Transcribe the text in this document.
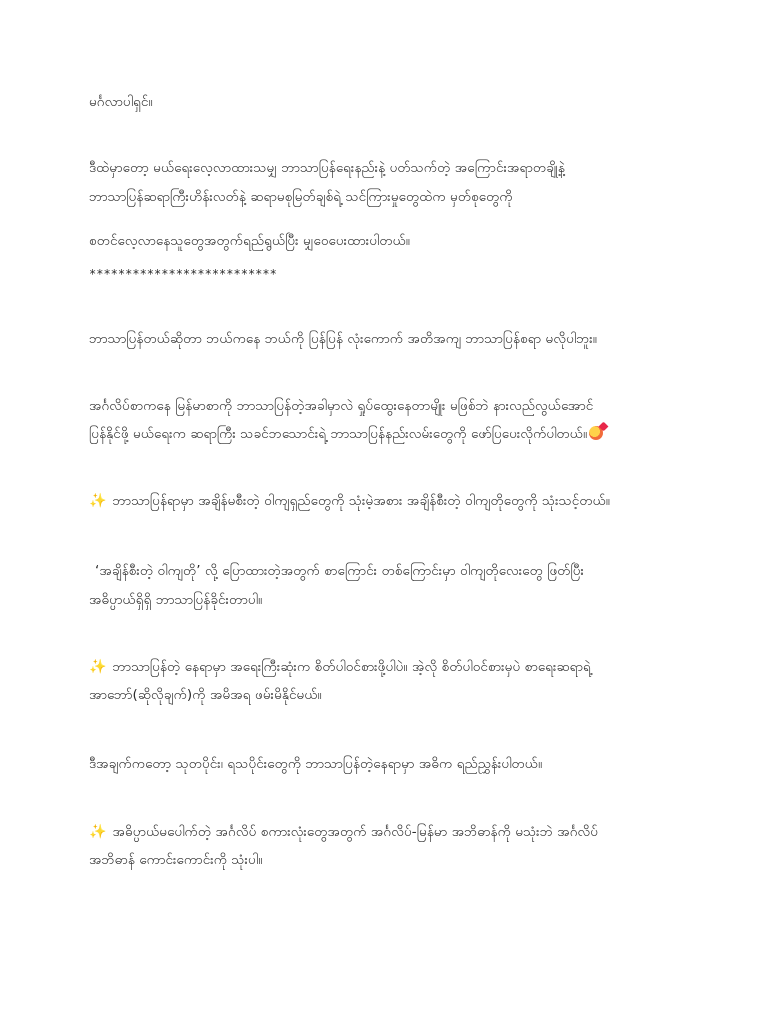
မင်္ဂလာပါရှင်။
ဒီထဲမှာတော့ မယ်ရေးလေ့လာထားသမျှ ဘာသာပြန်ရေးနည်းနဲ့ ပတ်သက်တဲ့ အကြောင်းအရာတချို့နဲ့
ဘာသာပြန်ဆရာကြီးဟိန်းလတ်နဲ့ ဆရာမစုမြတ်ချစ်ရဲ့ သင်ကြားမှုတွေထဲက မှတ်စုတွေကို
စတင်လေ့လာနေသူတွေအတွက်ရည်ရွယ်ပြီး မျှဝေပေးထားပါတယ်။
**************************
ဘာသာပြန်တယ်ဆိုတာ ဘယ်ကနေ ဘယ်ကို ပြန်ပြန် လုံးကောက် အတိအကျ ဘာသာပြန်စရာ မလိုပါဘူး။
အင်္ဂလိပ်စာကနေ မြန်မာစာကို ဘာသာပြန်တဲ့အခါမှာလဲ ရှုပ်ထွေးနေတာမျိုး မဖြစ်ဘဲ နားလည်လွယ်အောင်
ပြန်နိုင်ဖို့ မယ်ရေးက ဆရာကြီး သခင်ဘသောင်းရဲ့ ဘာသာပြန်နည်းလမ်းတွေကို ဖော်ပြပေးလိုက်ပါတယ်။
✨ ဘာသာပြန်ရာမှာ အချိန်မစီးတဲ့ ဝါကျရှည်တွေကို သုံးမဲ့အစား အချိန်စီးတဲ့ ဝါကျတိုတွေကို သုံးသင့်တယ်။
‘အချိန်စီးတဲ့ ဝါကျတို’ လို့ ပြောထားတဲ့အတွက် စာကြောင်း တစ်ကြောင်းမှာ ဝါကျတိုလေးတွေ ဖြတ်ပြီး
အဓိပ္ပာယ်ရှိရှိ ဘာသာပြန်ခိုင်းတာပါ။
✨ ဘာသာပြန်တဲ့ နေရာမှာ အရေးကြီးဆုံးက စိတ်ပါဝင်စားဖို့ပါပဲ။ အဲ့လို စိတ်ပါဝင်စားမှပဲ စာရေးဆရာရဲ့
အာဘော်(ဆိုလိုချက်)ကို အမိအရ ဖမ်းမိနိုင်မယ်။
ဒီအချက်ကတော့ သုတပိုင်း၊ ရသပိုင်းတွေကို ဘာသာပြန်တဲ့နေရာမှာ အဓိက ရည်ညွှန်းပါတယ်။
✨ အဓိပ္ပာယ်မပေါက်တဲ့ အင်္ဂလိပ် စကားလုံးတွေအတွက် အင်္ဂလိပ်-မြန်မာ အဘိဓာန်ကို မသုံးဘဲ အင်္ဂလိပ်
အဘိဓာန် ကောင်းကောင်းကို သုံးပါ။
